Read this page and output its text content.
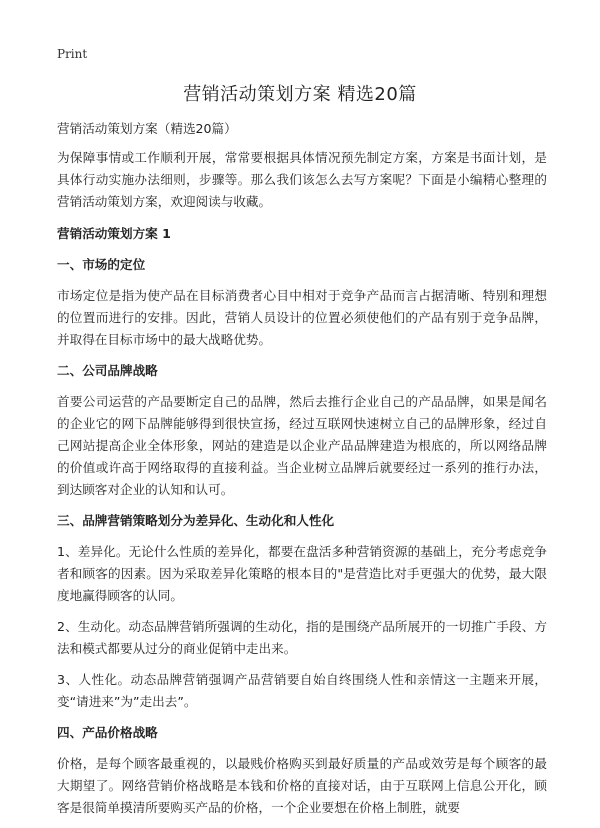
Print
营销活动策划方案 精选20篇

营销活动策划方案（精选20篇）

为保障事情或工作顺利开展，常常要根据具体情况预先制定方案，方案是书面计划，是具体行动实施办法细则，步骤等。那么我们该怎么去写方案呢？下面是小编精心整理的营销活动策划方案，欢迎阅读与收藏。

营销活动策划方案 1

一、市场的定位

市场定位是指为使产品在目标消费者心目中相对于竞争产品而言占据清晰、特别和理想的位置而进行的安排。因此，营销人员设计的位置必须使他们的产品有别于竞争品牌，并取得在目标市场中的最大战略优势。

二、公司品牌战略

首要公司运营的产品要断定自己的品牌，然后去推行企业自己的产品品牌，如果是闻名的企业它的网下品牌能够得到很快宣扬，经过互联网快速树立自己的品牌形象，经过自己网站提高企业全体形象，网站的建造是以企业产品品牌建造为根底的，所以网络品牌的价值或许高于网络取得的直接利益。当企业树立品牌后就要经过一系列的推行办法，到达顾客对企业的认知和认可。

三、品牌营销策略划分为差异化、生动化和人性化

1、差异化。无论什么性质的差异化，都要在盘活多种营销资源的基础上，充分考虑竞争者和顾客的因素。因为采取差异化策略的根本目的"是营造比对手更强大的优势，最大限度地赢得顾客的认同。

2、生动化。动态品牌营销所强调的生动化，指的是围绕产品所展开的一切推广手段、方法和模式都要从过分的商业促销中走出来。

3、人性化。动态品牌营销强调产品营销要自始自终围绕人性和亲情这一主题来开展，变“请进来”为”走出去”。

四、产品价格战略

价格，是每个顾客最重视的，以最贱价格购买到最好质量的产品或效劳是每个顾客的最大期望了。网络营销价格战略是本钱和价格的直接对话，由于互联网上信息公开化，顾客是很简单摸清所要购买产品的价格，一个企业要想在价格上制胜，就要
